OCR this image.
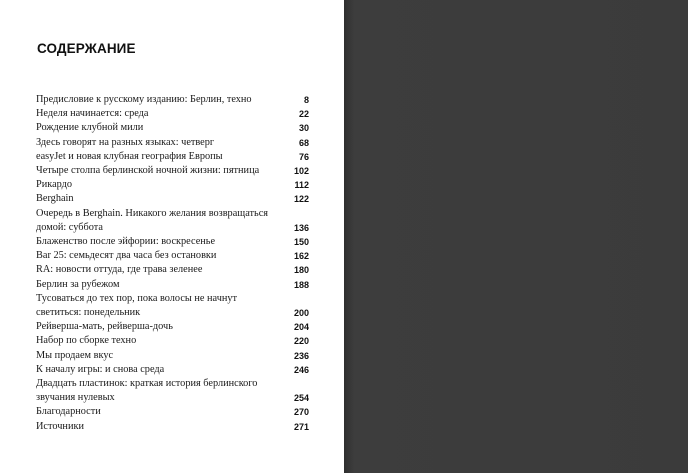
СОДЕРЖАНИЕ
Предисловие к русскому изданию: Берлин, техно	8
Неделя начинается: среда	22
Рождение клубной мили	30
Здесь говорят на разных языках: четверг	68
easyJet и новая клубная география Европы	76
Четыре столпа берлинской ночной жизни: пятница	102
Рикардо	112
Berghain	122
Очередь в Berghain. Никакого желания возвращаться домой: суббота	136
Блаженство после эйфории: воскресенье	150
Bar 25: семьдесят два часа без остановки	162
RA: новости оттуда, где трава зеленее	180
Берлин за рубежом	188
Тусоваться до тех пор, пока волосы не начнут светиться: понедельник	200
Рейверша-мать, рейверша-дочь	204
Набор по сборке техно	220
Мы продаем вкус	236
К началу игры: и снова среда	246
Двадцать пластинок: краткая история берлинского звучания нулевых	254
Благодарности	270
Источники	271
